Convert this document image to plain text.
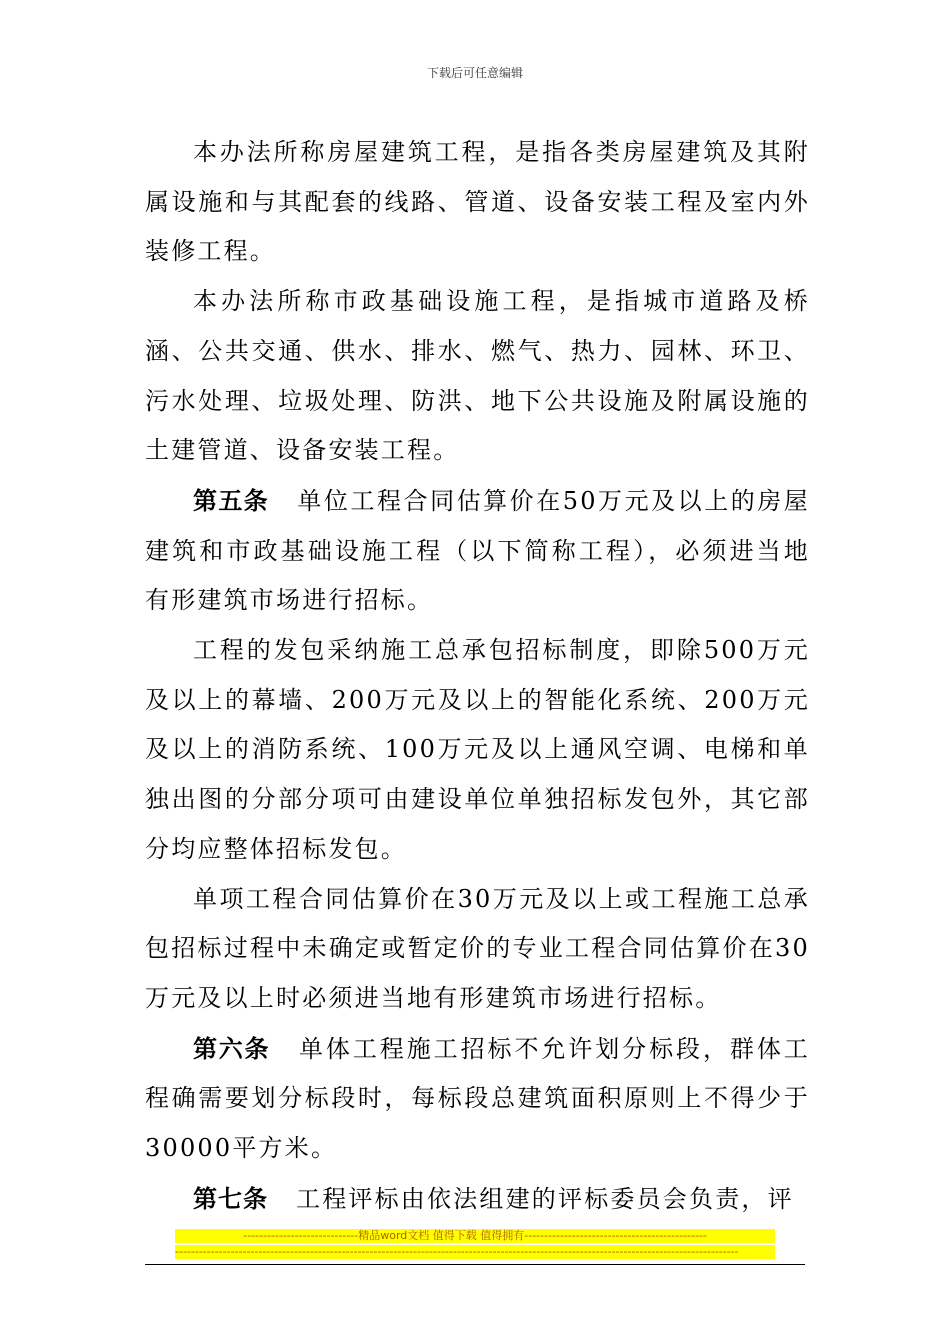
下载后可任意编辑

本办法所称房屋建筑工程，是指各类房屋建筑及其附属设施和与其配套的线路、管道、设备安装工程及室内外装修工程。

本办法所称市政基础设施工程，是指城市道路及桥涵、公共交通、供水、排水、燃气、热力、园林、环卫、污水处理、垃圾处理、防洪、地下公共设施及附属设施的土建管道、设备安装工程。

第五条 单位工程合同估算价在50万元及以上的房屋建筑和市政基础设施工程（以下简称工程），必须进当地有形建筑市场进行招标。

工程的发包采纳施工总承包招标制度，即除500万元及以上的幕墙、200万元及以上的智能化系统、200万元及以上的消防系统、100万元及以上通风空调、电梯和单独出图的分部分项可由建设单位单独招标发包外，其它部分均应整体招标发包。

单项工程合同估算价在30万元及以上或工程施工总承包招标过程中未确定或暂定价的专业工程合同估算价在30万元及以上时必须进当地有形建筑市场进行招标。

第六条 单体工程施工招标不允许划分标段，群体工程确需要划分标段时，每标段总建筑面积原则上不得少于30000平方米。

第七条 工程评标由依法组建的评标委员会负责，评

-----------------------------精品word文档 值得下载 值得拥有----------------------------------------------
----------------------------------------------------------------------------------------------------------------------------------------------
